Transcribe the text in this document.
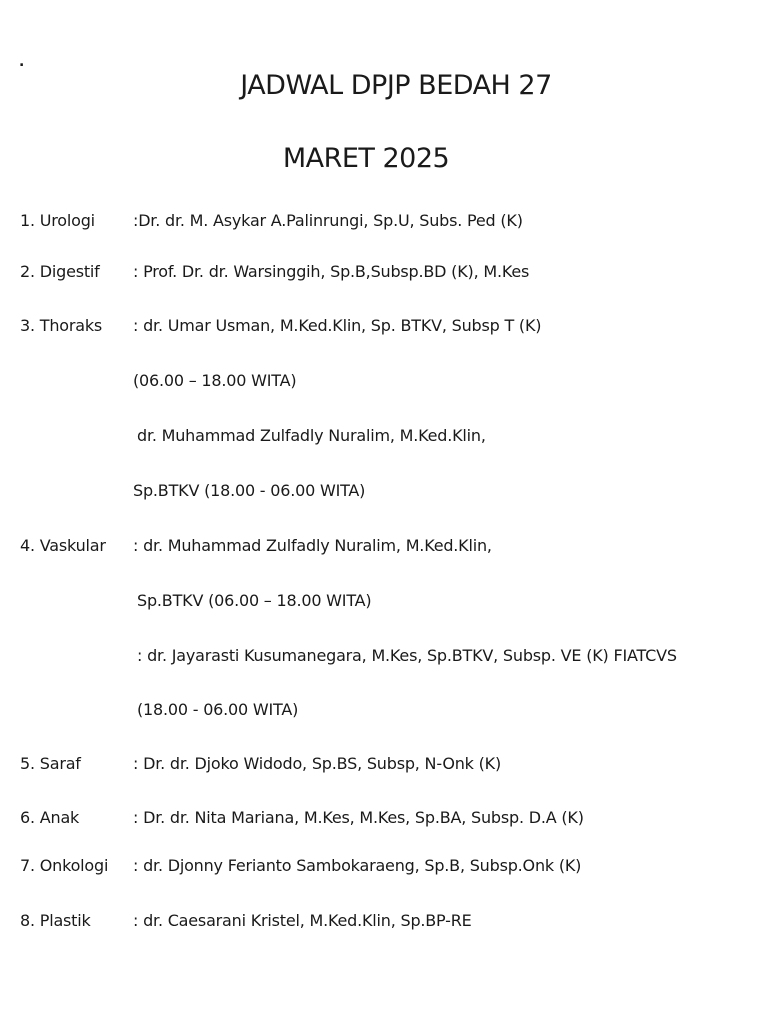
.
JADWAL DPJP BEDAH 27
MARET 2025
1. Urologi :Dr. dr. M. Asykar A.Palinrungi, Sp.U, Subs. Ped (K)
2. Digestif : Prof. Dr. dr. Warsinggih, Sp.B,Subsp.BD (K), M.Kes
3. Thoraks : dr. Umar Usman, M.Ked.Klin, Sp. BTKV, Subsp T (K)
(06.00 – 18.00 WITA)
dr. Muhammad Zulfadly Nuralim, M.Ked.Klin,
Sp.BTKV (18.00 - 06.00 WITA)
4. Vaskular : dr. Muhammad Zulfadly Nuralim, M.Ked.Klin,
Sp.BTKV (06.00 – 18.00 WITA)
: dr. Jayarasti Kusumanegara, M.Kes, Sp.BTKV, Subsp. VE (K) FIATCVS
(18.00 - 06.00 WITA)
5. Saraf	: Dr. dr. Djoko Widodo, Sp.BS, Subsp, N-Onk (K)
6. Anak	: Dr. dr. Nita Mariana, M.Kes, M.Kes, Sp.BA, Subsp. D.A (K)
7. Onkologi : dr. Djonny Ferianto Sambokaraeng, Sp.B, Subsp.Onk (K)
8. Plastik	: dr. Caesarani Kristel, M.Ked.Klin, Sp.BP-RE
